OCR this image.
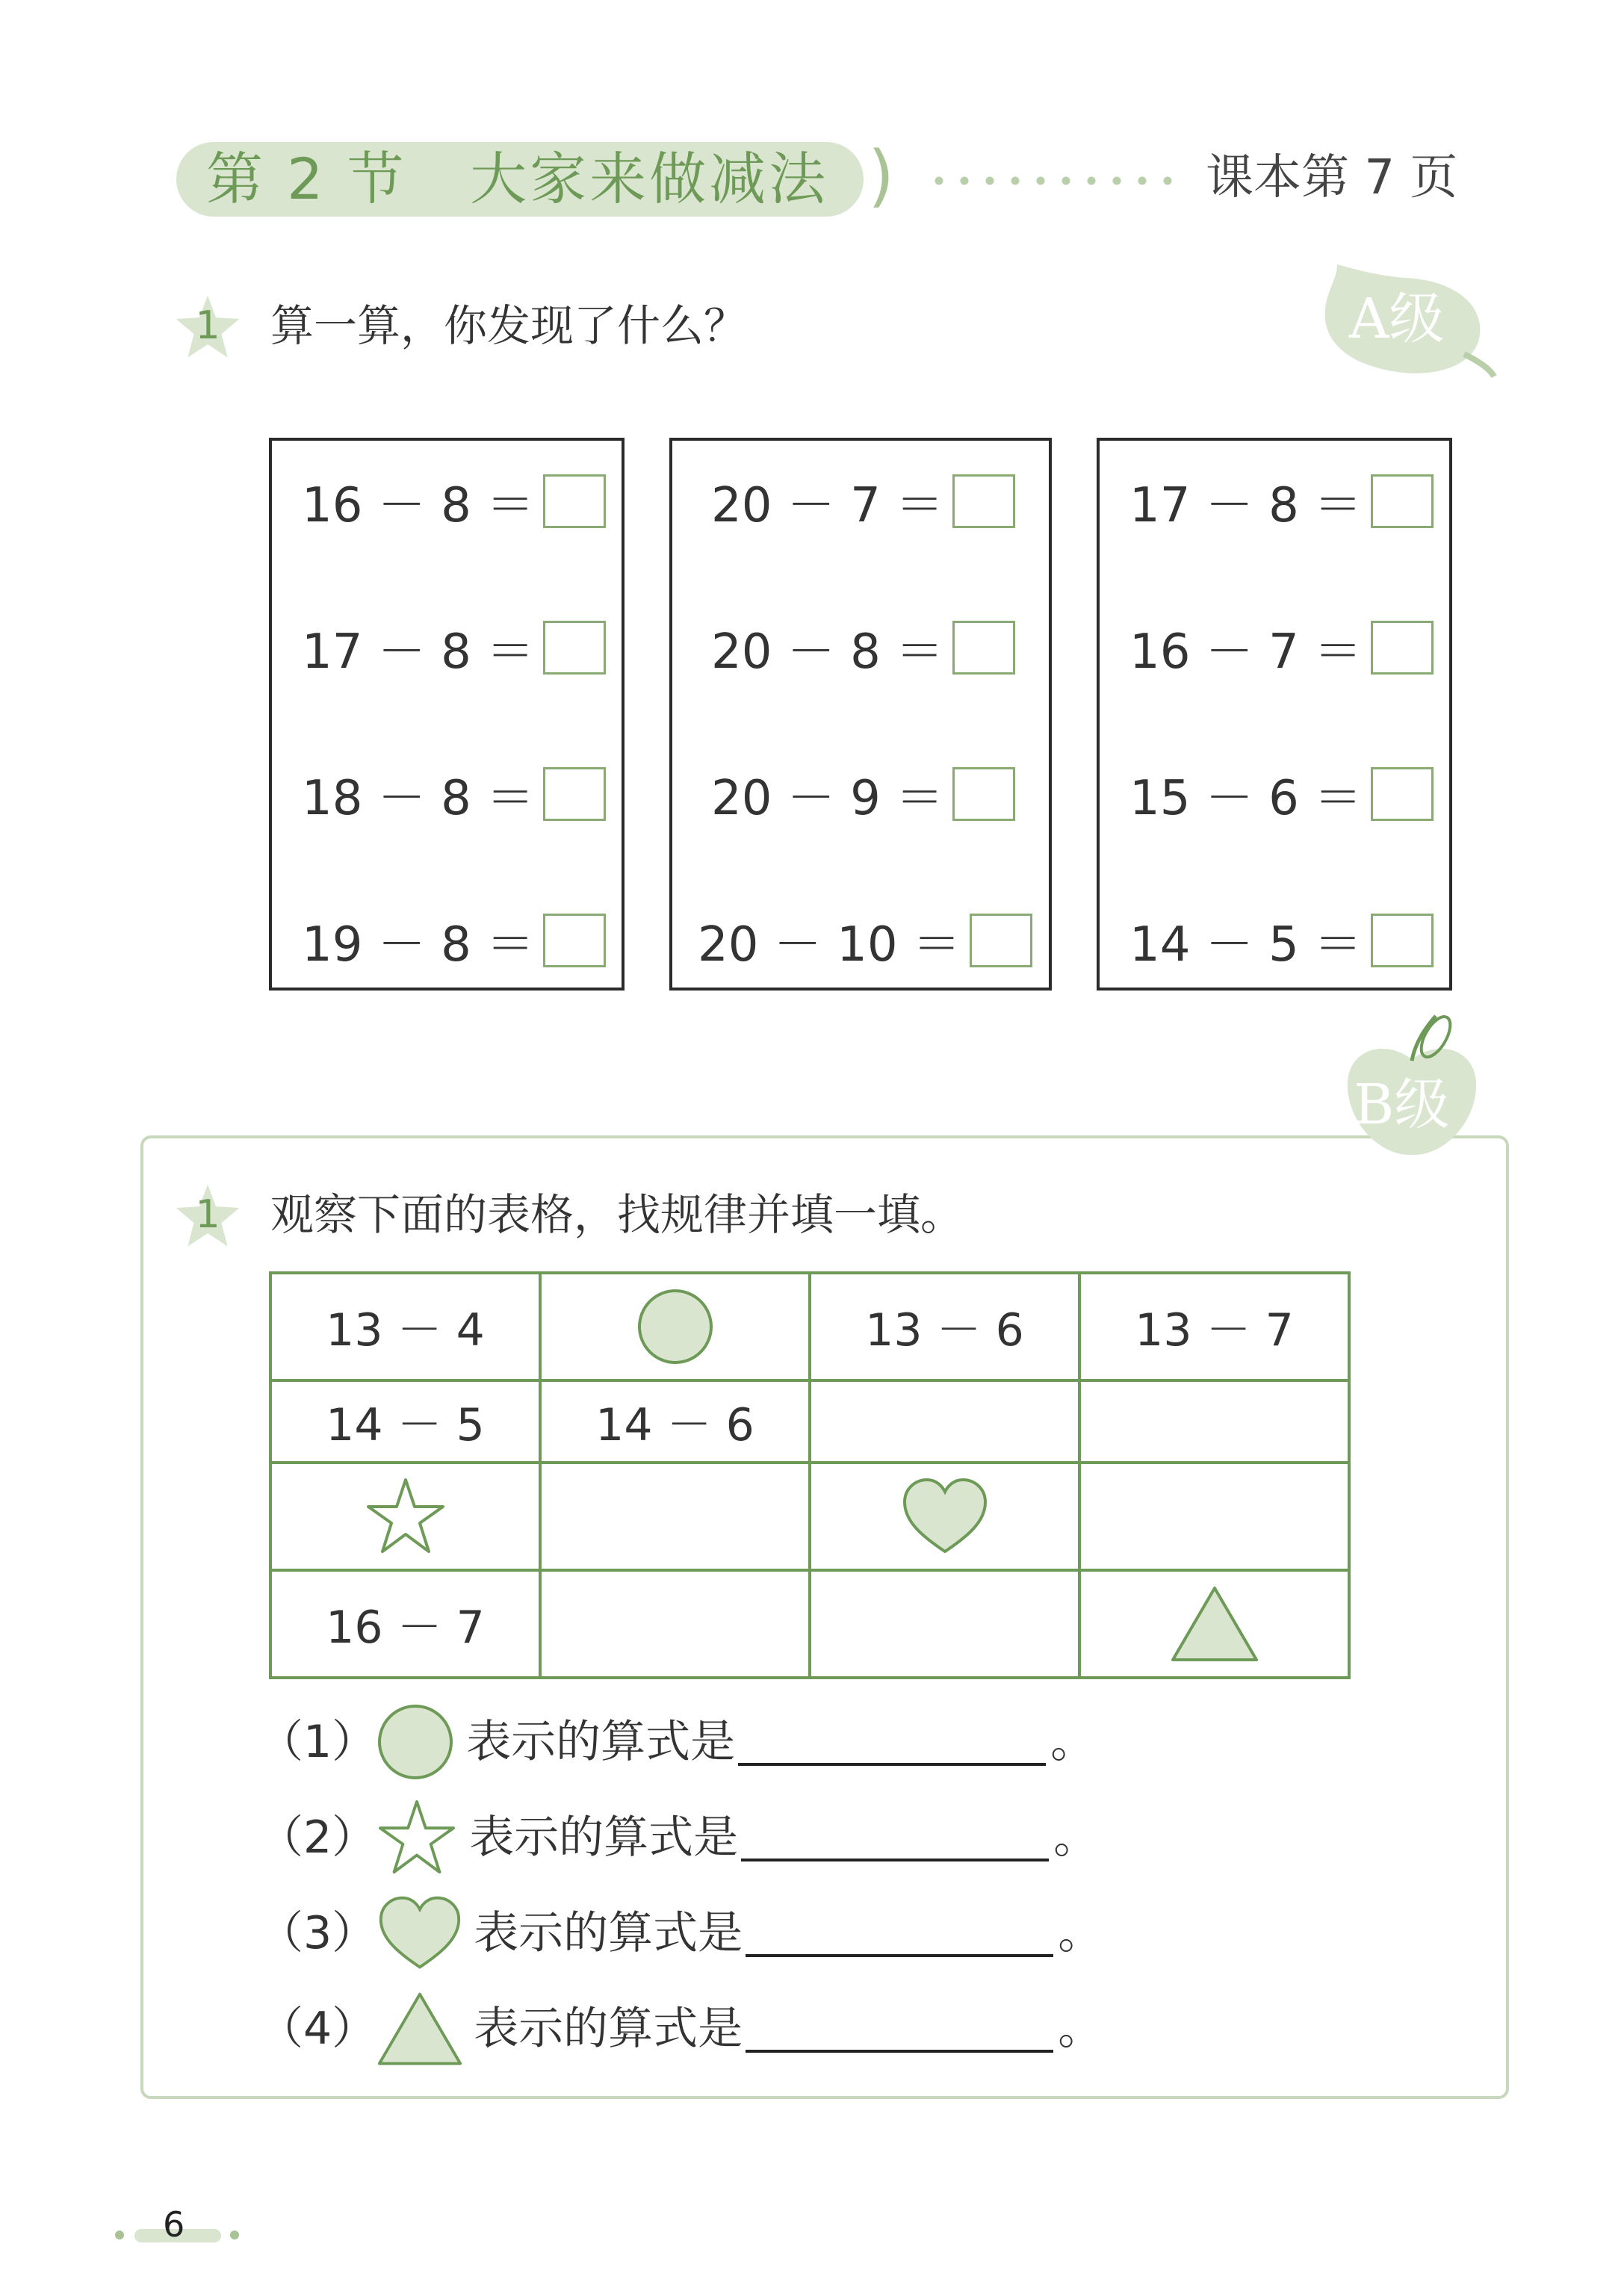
第 2 节   大家来做减法 )	课本第 7 页
1	算一算，你发现了什么？	A级
16 － 8 ＝
17 － 8 ＝
18 － 8 ＝
19 － 8 ＝
20 － 7 ＝
20 － 8 ＝
20 － 9 ＝
20 － 10 ＝
17 － 8 ＝
16 － 7 ＝
15 － 6 ＝
14 － 5 ＝
B级
1	观察下面的表格，找规律并填一填。
13 － 4		13 － 6	13 － 7
14 － 5	14 － 6		

16 － 7			
（1） 表示的算式是	。
（2） 表示的算式是	。
（3） 表示的算式是	。
（4） 表示的算式是	。
6
